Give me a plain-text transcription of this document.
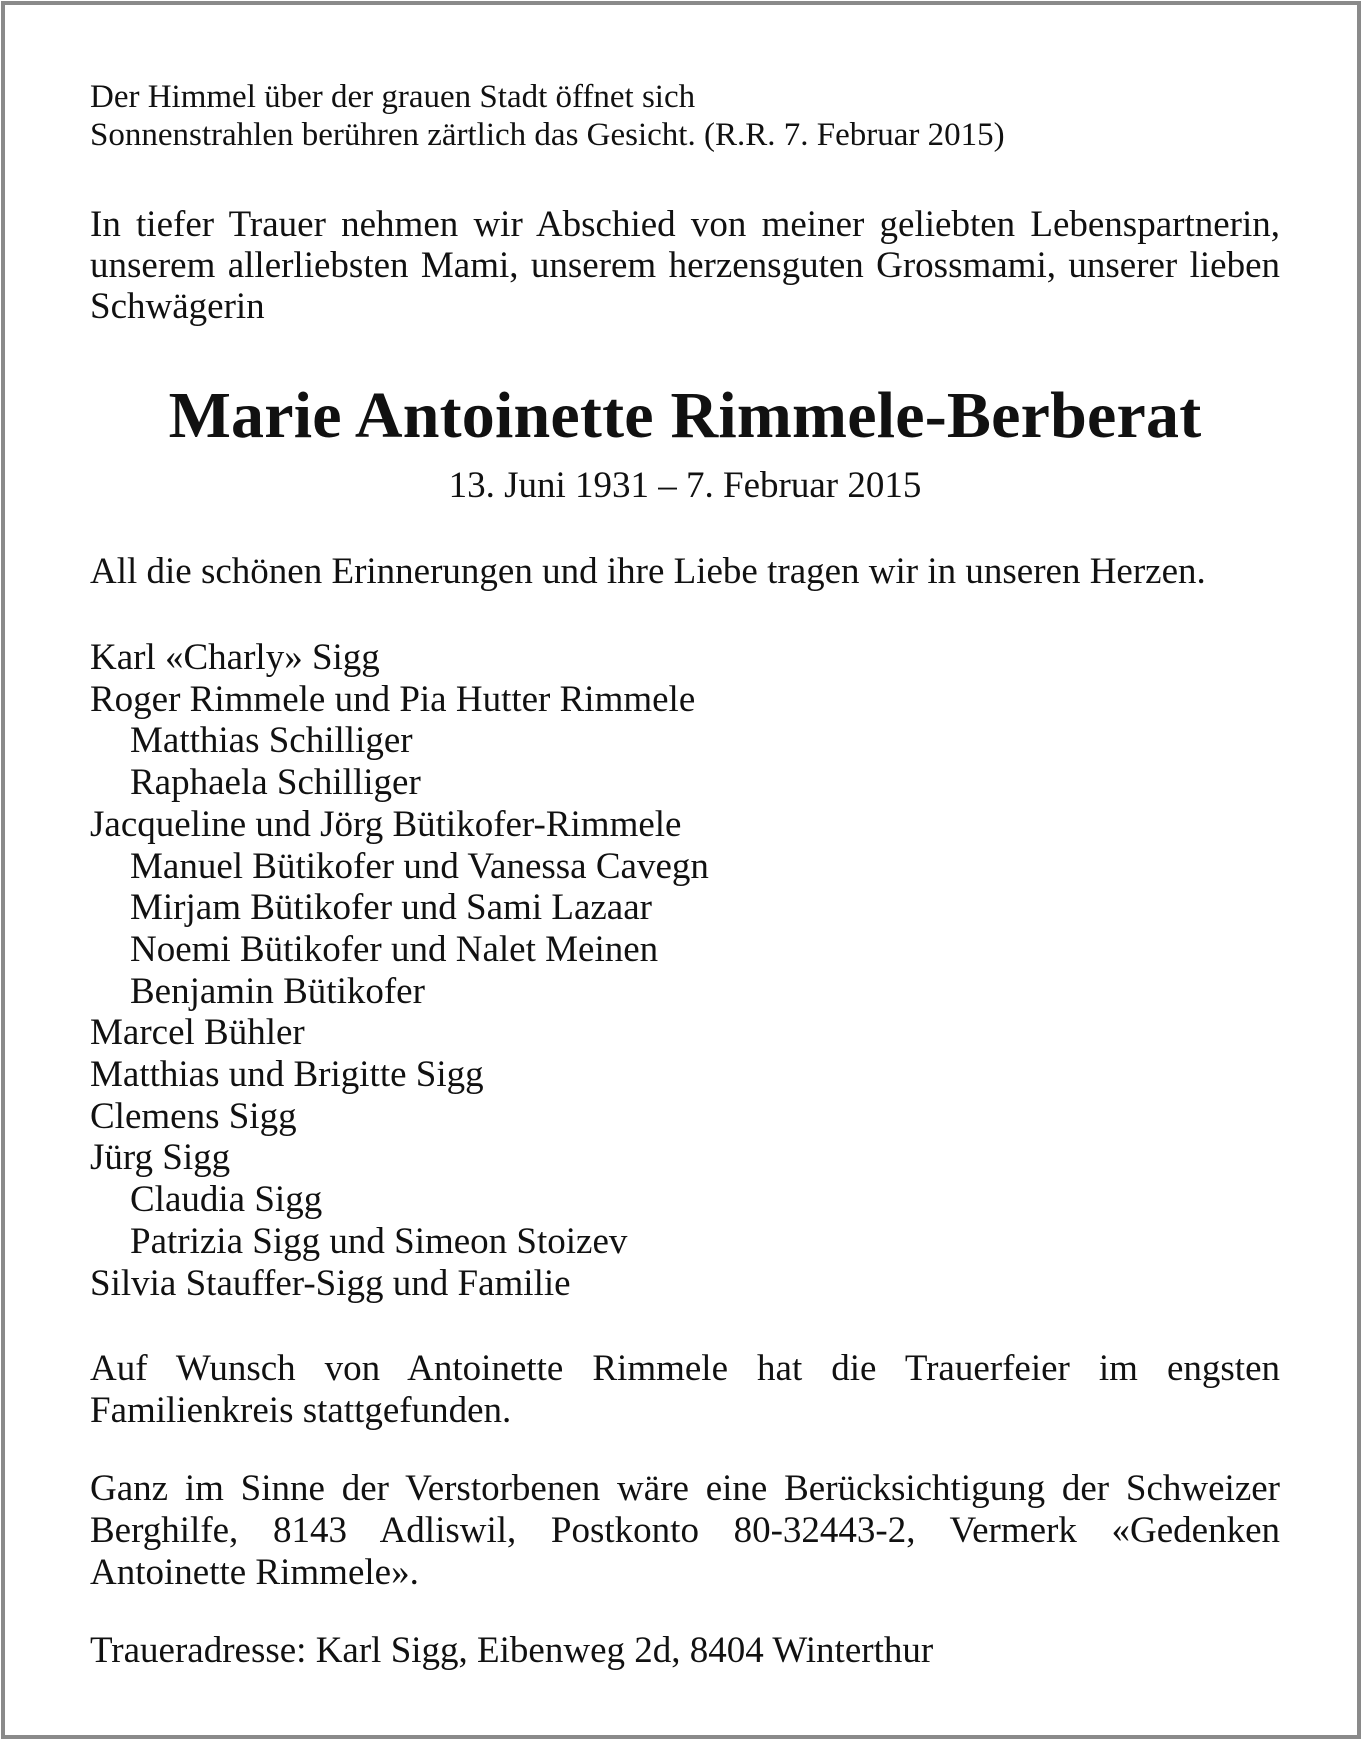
Der Himmel über der grauen Stadt öffnet sich
Sonnenstrahlen berühren zärtlich das Gesicht. (R.R. 7. Februar 2015)

In tiefer Trauer nehmen wir Abschied von meiner geliebten Lebenspartnerin, unserem allerliebsten Mami, unserem herzensguten Grossmami, unserer lieben Schwägerin

Marie Antoinette Rimmele-Berberat

13. Juni 1931 – 7. Februar 2015

All die schönen Erinnerungen und ihre Liebe tragen wir in unseren Herzen.

Karl «Charly» Sigg
Roger Rimmele und Pia Hutter Rimmele
Matthias Schilliger
Raphaela Schilliger
Jacqueline und Jörg Bütikofer-Rimmele
Manuel Bütikofer und Vanessa Cavegn
Mirjam Bütikofer und Sami Lazaar
Noemi Bütikofer und Nalet Meinen
Benjamin Bütikofer
Marcel Bühler
Matthias und Brigitte Sigg
Clemens Sigg
Jürg Sigg
Claudia Sigg
Patrizia Sigg und Simeon Stoizev
Silvia Stauffer-Sigg und Familie

Auf Wunsch von Antoinette Rimmele hat die Trauerfeier im engsten Familienkreis stattgefunden.

Ganz im Sinne der Verstorbenen wäre eine Berücksichtigung der Schweizer Berghilfe, 8143 Adliswil, Postkonto 80-32443-2, Vermerk «Gedenken Antoinette Rimmele».

Traueradresse: Karl Sigg, Eibenweg 2d, 8404 Winterthur
